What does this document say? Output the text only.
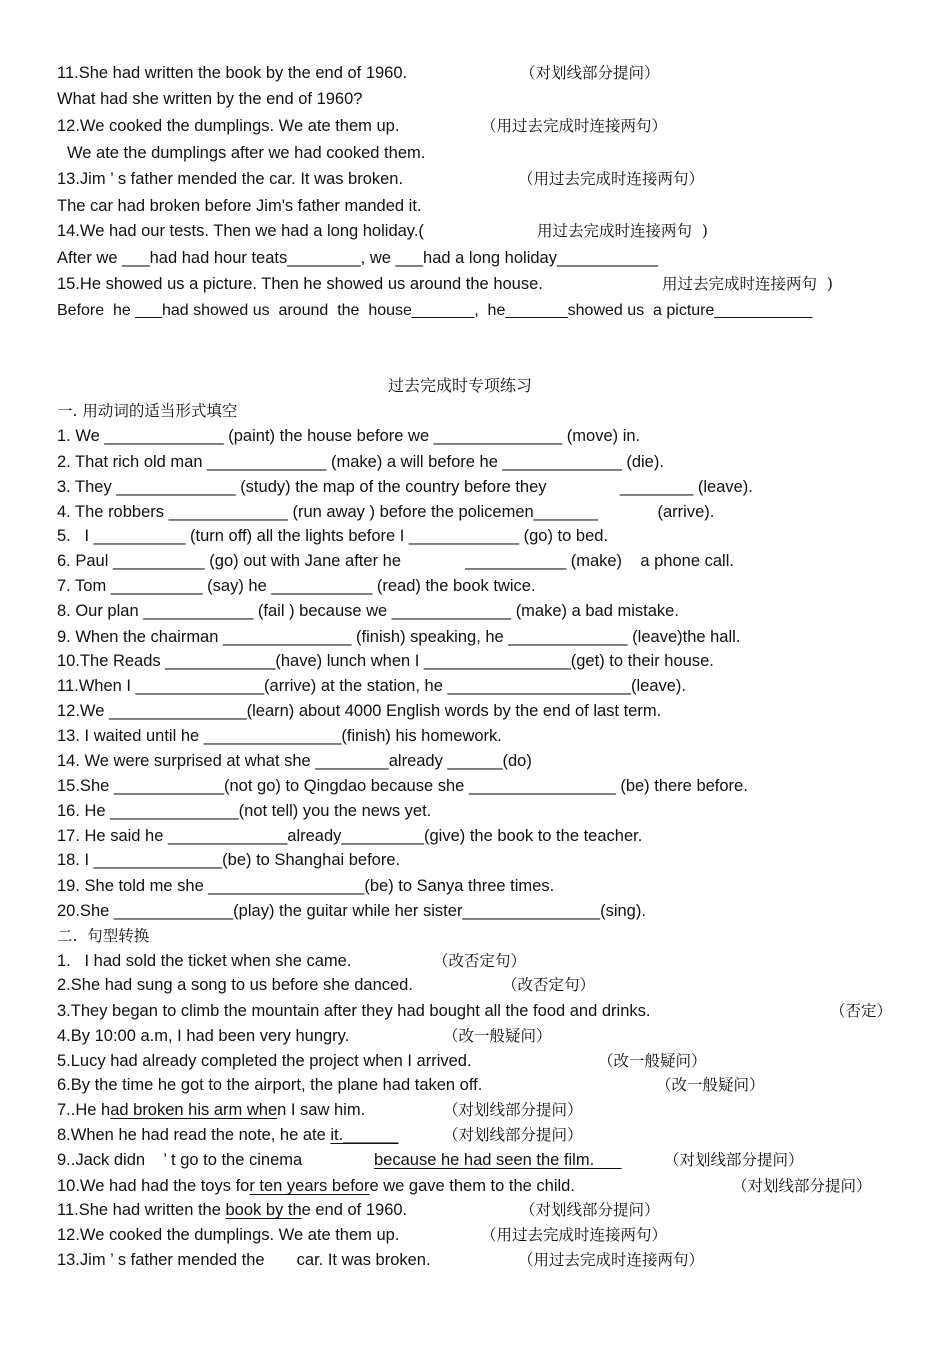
11.She had written the book by the end of 1960.	（对划线部分提问）
What had she written by the end of 1960?
12.We cooked the dumplings. We ate them up.	（用过去完成时连接两句）
We ate the dumplings after we had cooked them.
13.Jim ’ s father mended the car. It was broken.	（用过去完成时连接两句）
The car had broken before Jim's father manded it.
14.We had our tests. Then we had a long holiday.(	用过去完成时连接两句  )
After we ___had had hour teats________, we ___had a long holiday___________
15.He showed us a picture. Then he showed us around the house.	用过去完成时连接两句  )
Before  he ___had showed us  around  the  house_______,  he_______showed us  a picture___________
过去完成时专项练习
一. 用动词的适当形式填空
1. We _____________ (paint) the house before we ______________ (move) in.
2. That rich old man _____________ (make) a will before he _____________ (die).
3. They _____________ (study) the map of the country before they                ________ (leave).
4. The robbers _____________ (run away ) before the policemen_______             (arrive).
5.   I __________ (turn off) all the lights before I ____________ (go) to bed.
6. Paul __________ (go) out with Jane after he              ___________ (make)    a phone call.
7. Tom __________ (say) he ___________ (read) the book twice.
8. Our plan ____________ (fail ) because we _____________ (make) a bad mistake.
9. When the chairman ______________ (finish) speaking, he _____________ (leave)the hall.
10.The Reads ____________(have) lunch when I ________________(get) to their house.
11.When I ______________(arrive) at the station, he ____________________(leave).
12.We _______________(learn) about 4000 English words by the end of last term.
13. I waited until he _______________(finish) his homework.
14. We were surprised at what she ________already ______(do)
15.She ____________(not go) to Qingdao because she ________________ (be) there before.
16. He ______________(not tell) you the news yet.
17. He said he _____________already_________(give) the book to the teacher.
18. I ______________(be) to Shanghai before.
19. She told me she _________________(be) to Sanya three times.
20.She _____________(play) the guitar while her sister_______________(sing).
二.  句型转换
1.   I had sold the ticket when she came.	（改否定句）
2.She had sung a song to us before she danced.	（改否定句）
3.They began to climb the mountain after they had bought all the food and drinks.	（否定）
4.By 10:00 a.m, I had been very hungry.	（改一般疑问）
5.Lucy had already completed the project when I arrived.	（改一般疑问）
6.By the time he got to the airport, the plane had taken off.	（改一般疑问）
7..He had broken his arm when I saw him.	（对划线部分提问）
8.When he had read the note, he ate it.______	（对划线部分提问）
9..Jack didn    ’ t go to the cinema	because he had seen the film.	（对划线部分提问）
10.We had had the toys for ten years before we gave them to the child.	（对划线部分提问）
11.She had written the book by the end of 1960.	（对划线部分提问）
12.We cooked the dumplings. We ate them up.	（用过去完成时连接两句）
13.Jim ’ s father mended the       car. It was broken.	（用过去完成时连接两句）
